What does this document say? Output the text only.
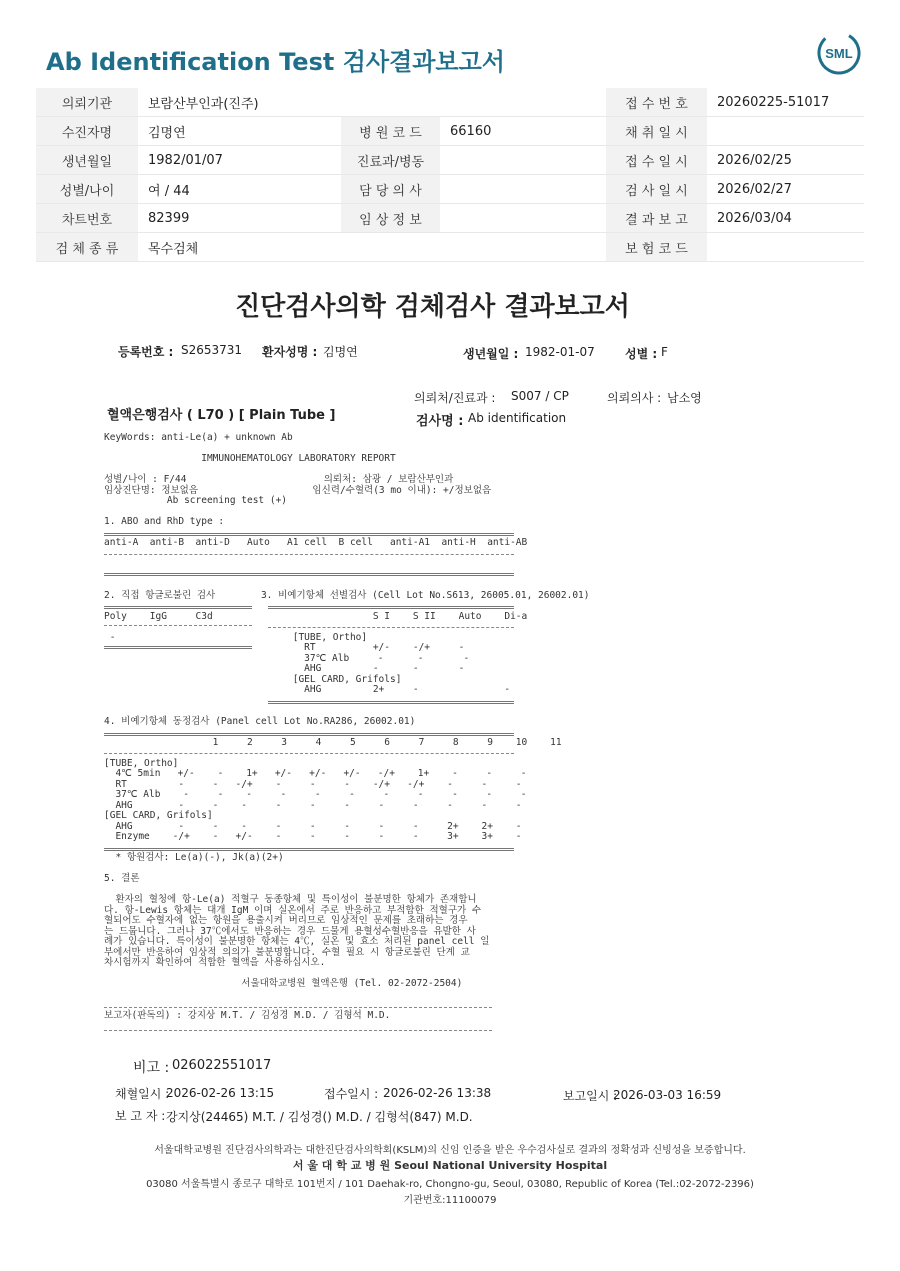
Ab Identification Test 검사결과보고서	SML
의뢰기관	보람산부인과(진주)			접 수 번 호	20260225-51017
수진자명	김명연	병 원 코 드	66160	채 취 일 시	
생년월일	1982/01/07	진료과/병동		접 수 일 시	2026/02/25
성별/나이	여 / 44	담 당 의 사		검 사 일 시	2026/02/27
차트번호	82399	임 상 정 보		결 과 보 고	2026/03/04
검 체 종 류	목수검체			보 험 코 드	
진단검사의학 검체검사 결과보고서
등록번호 : S2653731 환자성명 : 김명연	생년월일 : 1982-01-07	성별 : F
의뢰처/진료과 : S007 / CP	의뢰의사 : 남소영
혈액은행검사 ( L70 ) [ Plain Tube ]	검사명 : Ab identification
KeyWords: anti-Le(a) + unknown Ab
IMMUNOHEMATOLOGY LABORATORY REPORT
성별/나이 : F/44                        의뢰처: 삼광 / 보람산부인과
임상진단명: 정보없음                    임신력/수혈력(3 mo 이내): +/정보없음
Ab screening test (+)
1. ABO and RhD type :
anti-A  anti-B  anti-D   Auto   A1 cell  B cell   anti-A1  anti-H  anti-AB
2. 직접 항글로불린 검사        3. 비예기항체 선별검사 (Cell Lot No.S613, 26005.01, 26002.01)
Poly    IgG     C3d                            S I    S II    Auto    Di-a
-                               [TUBE, Ortho]
RT          +/-    -/+     -
37℃ Alb     -      -       -
AHG         -      -       -
[GEL CARD, Grifols]
AHG         2+     -               -
4. 비예기항체 동정검사 (Panel cell Lot No.RA286, 26002.01)
1     2     3     4     5     6     7     8     9    10    11
[TUBE, Ortho]
4℃ 5min   +/-    -    1+   +/-   +/-   +/-   -/+    1+    -     -     -
RT         -     -   -/+    -     -     -    -/+   -/+    -     -     -
37℃ Alb    -     -    -     -     -     -     -     -     -     -     -
AHG        -     -    -     -     -     -     -     -     -     -     -
[GEL CARD, Grifols]
AHG        -     -    -     -     -     -     -     -     2+    2+    -
Enzyme    -/+    -   +/-    -     -     -     -     -     3+    3+    -
* 항원검사: Le(a)(-), Jk(a)(2+)
5. 결론
환자의 혈청에 항-Le(a) 적혈구 동종항체 및 특이성이 불분명한 항체가 존재합니
다. 항-Lewis 항체는 대개 IgM 이며 실온에서 주로 반응하고 부적합한 적혈구가 수
혈되어도 수혈자에 없는 항원을 용출시켜 버리므로 임상적인 문제를 초래하는 경우
는 드뭅니다. 그러나 37℃에서도 반응하는 경우 드물게 용혈성수혈반응을 유발한 사
례가 있습니다. 특이성이 불분명한 항체는 4℃, 실온 및 효소 처리된 panel cell 일
부에서만 반응하여 임상적 의의가 불분명합니다. 수혈 필요 시 항글로불린 단계 교
차시험까지 확인하여 적합한 혈액을 사용하십시오.
서울대학교병원 혈액은행 (Tel. 02-2072-2504)
보고자(판독의) : 강지상 M.T. / 김성경 M.D. / 김형석 M.D.
비고 : 026022551017
채혈일시 :
2026-02-26 13:15	접수일시 : 2026-02-26 13:38	보고일시 :
2026-03-03 16:59
보 고 자 : 강지상(24465) M.T. / 김성경() M.D. / 김형석(847) M.D.
서울대학교병원 진단검사의학과는 대한진단검사의학회(KSLM)의 신임 인증을 받은 우수검사실로 결과의 정확성과 신빙성을 보증합니다.
서 울 대 학 교 병 원 Seoul National University Hospital
03080 서울특별시 종로구 대학로 101번지 / 101 Daehak-ro, Chongno-gu, Seoul, 03080, Republic of Korea (Tel.:02-2072-2396)
기관번호:11100079
